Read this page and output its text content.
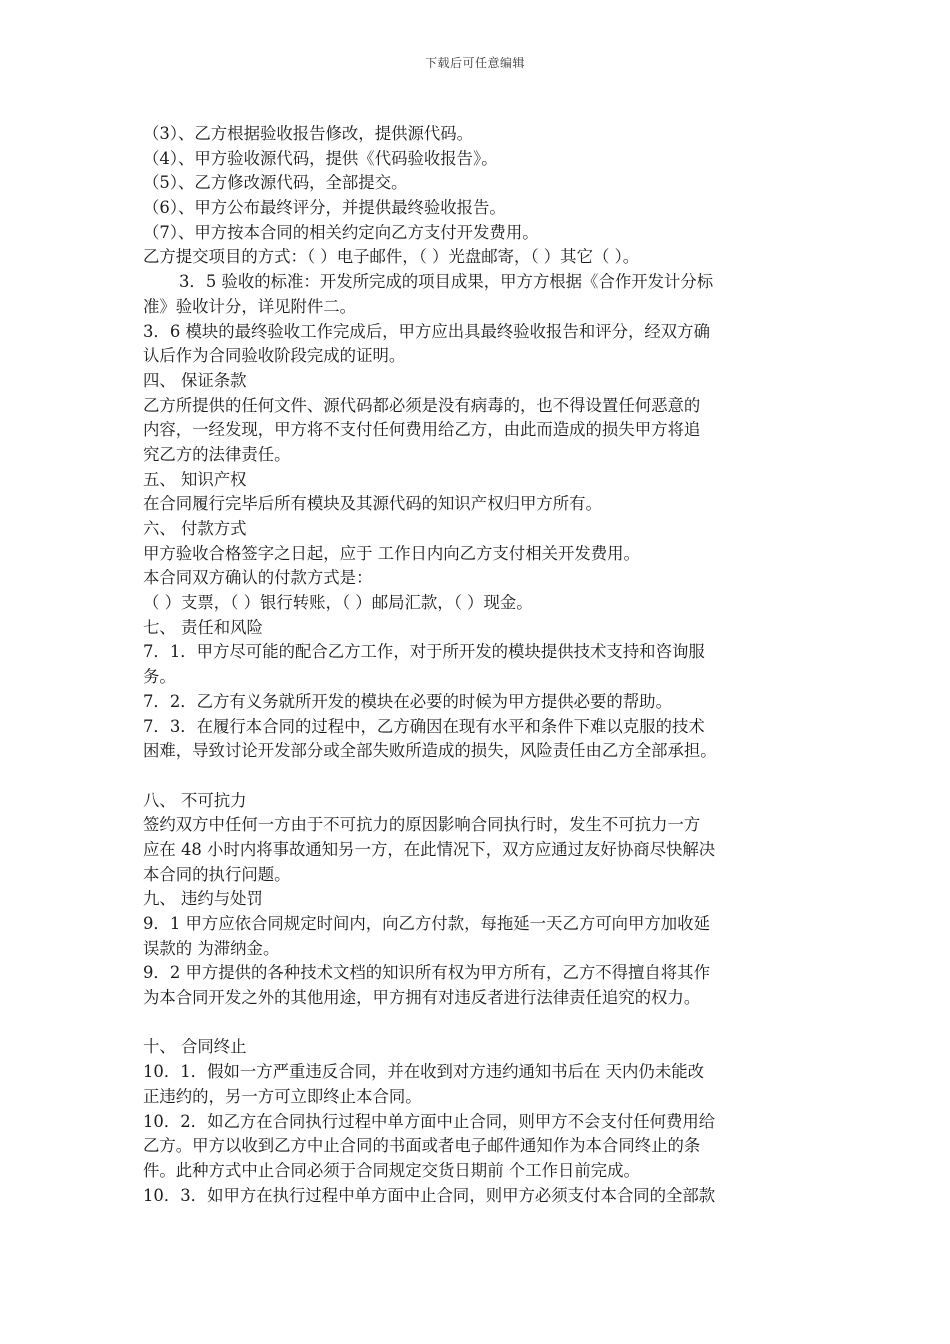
下载后可任意编辑
（3）、乙方根据验收报告修改，提供源代码。
（4）、甲方验收源代码，提供《代码验收报告》。
（5）、乙方修改源代码，全部提交。
（6）、甲方公布最终评分，并提供最终验收报告。
（7）、甲方按本合同的相关约定向乙方支付开发费用。
乙方提交项目的方式：（ ）电子邮件，（ ）光盘邮寄，（ ）其它（ ）。
3．5 验收的标准：开发所完成的项目成果，甲方方根据《合作开发计分标
准》验收计分，详见附件二。
3．6 模块的最终验收工作完成后，甲方应出具最终验收报告和评分，经双方确
认后作为合同验收阶段完成的证明。
四、 保证条款
乙方所提供的任何文件、源代码都必须是没有病毒的，也不得设置任何恶意的
内容，一经发现，甲方将不支付任何费用给乙方，由此而造成的损失甲方将追
究乙方的法律责任。
五、 知识产权
在合同履行完毕后所有模块及其源代码的知识产权归甲方所有。
六、 付款方式
甲方验收合格签字之日起，应于 工作日内向乙方支付相关开发费用。
本合同双方确认的付款方式是：
（ ）支票，（ ）银行转账，（ ）邮局汇款，（ ）现金。
七、 责任和风险
7．1．甲方尽可能的配合乙方工作，对于所开发的模块提供技术支持和咨询服
务。
7．2．乙方有义务就所开发的模块在必要的时候为甲方提供必要的帮助。
7．3．在履行本合同的过程中，乙方确因在现有水平和条件下难以克服的技术
困难，导致讨论开发部分或全部失败所造成的损失，风险责任由乙方全部承担。
八、 不可抗力
签约双方中任何一方由于不可抗力的原因影响合同执行时，发生不可抗力一方
应在 48 小时内将事故通知另一方，在此情况下，双方应通过友好协商尽快解决
本合同的执行问题。
九、 违约与处罚
9．1 甲方应依合同规定时间内，向乙方付款，每拖延一天乙方可向甲方加收延
误款的 为滞纳金。
9．2 甲方提供的各种技术文档的知识所有权为甲方所有，乙方不得擅自将其作
为本合同开发之外的其他用途，甲方拥有对违反者进行法律责任追究的权力。
十、 合同终止
10．1．假如一方严重违反合同，并在收到对方违约通知书后在 天内仍未能改
正违约的，另一方可立即终止本合同。
10．2．如乙方在合同执行过程中单方面中止合同，则甲方不会支付任何费用给
乙方。甲方以收到乙方中止合同的书面或者电子邮件通知作为本合同终止的条
件。此种方式中止合同必须于合同规定交货日期前 个工作日前完成。
10．3．如甲方在执行过程中单方面中止合同，则甲方必须支付本合同的全部款
